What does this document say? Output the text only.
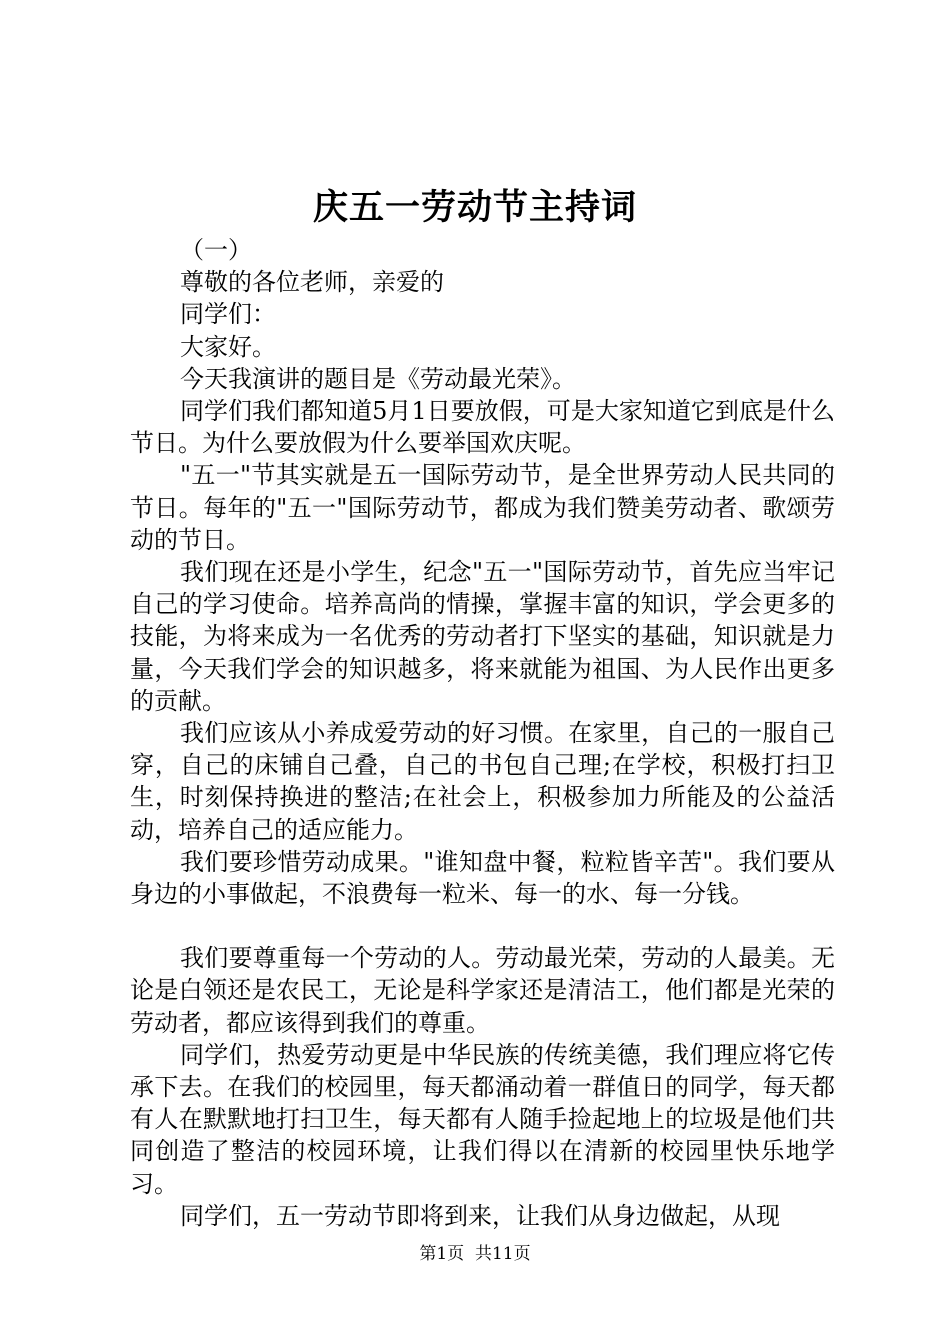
庆五一劳动节主持词

（一）

尊敬的各位老师，亲爱的

同学们：

大家好。

今天我演讲的题目是《劳动最光荣》。

同学们我们都知道5月1日要放假，可是大家知道它到底是什么节日。为什么要放假为什么要举国欢庆呢。

"五一"节其实就是五一国际劳动节，是全世界劳动人民共同的节日。每年的"五一"国际劳动节，都成为我们赞美劳动者、歌颂劳动的节日。

我们现在还是小学生，纪念"五一"国际劳动节，首先应当牢记自己的学习使命。培养高尚的情操，掌握丰富的知识，学会更多的技能，为将来成为一名优秀的劳动者打下坚实的基础，知识就是力量，今天我们学会的知识越多，将来就能为祖国、为人民作出更多的贡献。

我们应该从小养成爱劳动的好习惯。在家里，自己的一服自己穿，自己的床铺自己叠，自己的书包自己理;在学校，积极打扫卫生，时刻保持换进的整洁;在社会上，积极参加力所能及的公益活动，培养自己的适应能力。

我们要珍惜劳动成果。"谁知盘中餐，粒粒皆辛苦"。我们要从身边的小事做起，不浪费每一粒米、每一的水、每一分钱。

我们要尊重每一个劳动的人。劳动最光荣，劳动的人最美。无论是白领还是农民工，无论是科学家还是清洁工，他们都是光荣的劳动者，都应该得到我们的尊重。

同学们，热爱劳动更是中华民族的传统美德，我们理应将它传承下去。在我们的校园里，每天都涌动着一群值日的同学，每天都有人在默默地打扫卫生，每天都有人随手捡起地上的垃圾是他们共同创造了整洁的校园环境，让我们得以在清新的校园里快乐地学习。

同学们，五一劳动节即将到来，让我们从身边做起，从现

第1页  共11页
